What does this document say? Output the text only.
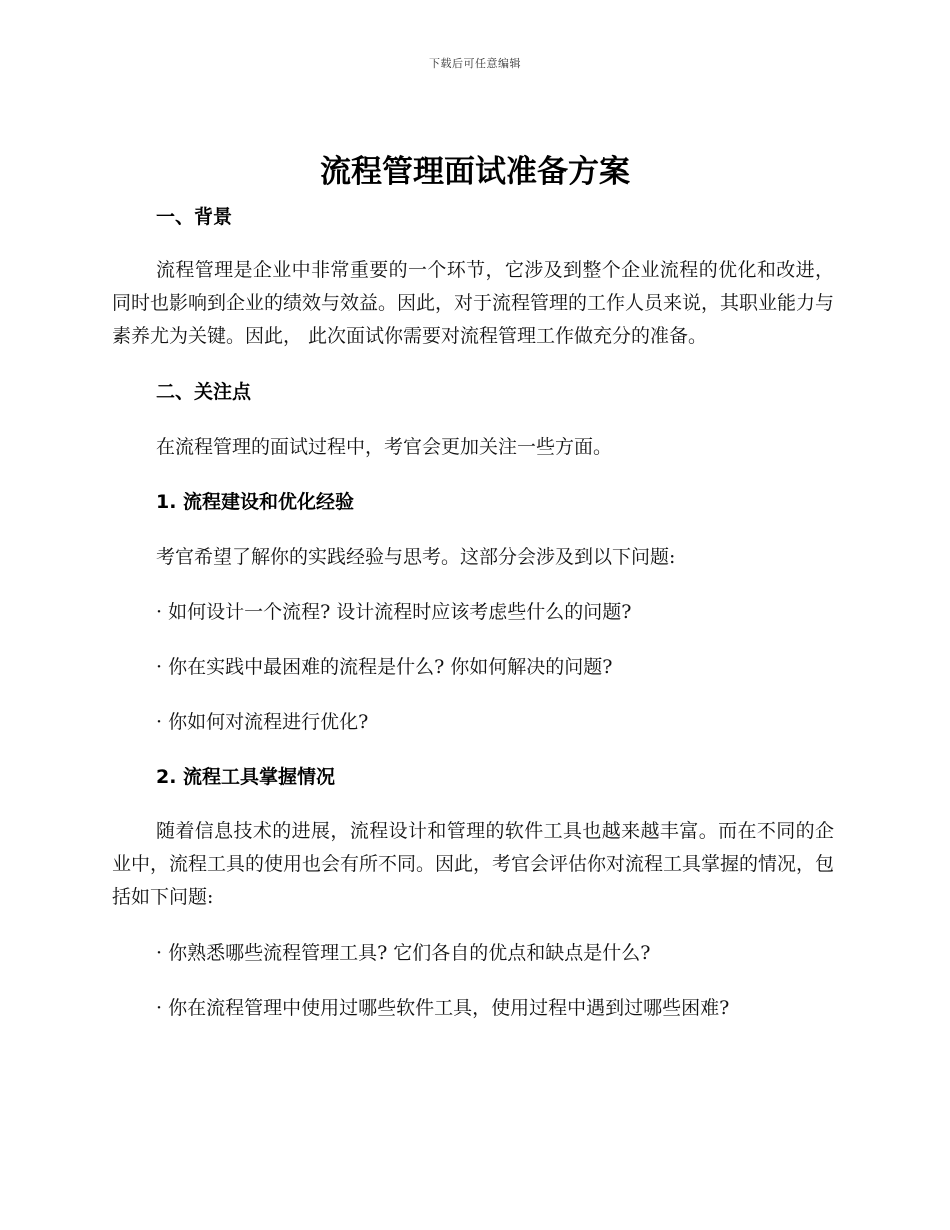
下载后可任意编辑
流程管理面试准备方案
一、背景

流程管理是企业中非常重要的一个环节，它涉及到整个企业流程的优化和改进，同时也影响到企业的绩效与效益。因此，对于流程管理的工作人员来说，其职业能力与素养尤为关键。因此， 此次面试你需要对流程管理工作做充分的准备。

二、关注点

在流程管理的面试过程中，考官会更加关注一些方面。

1. 流程建设和优化经验

考官希望了解你的实践经验与思考。这部分会涉及到以下问题:

· 如何设计一个流程? 设计流程时应该考虑些什么的问题?

· 你在实践中最困难的流程是什么? 你如何解决的问题?

· 你如何对流程进行优化?

2. 流程工具掌握情况

随着信息技术的进展，流程设计和管理的软件工具也越来越丰富。而在不同的企业中，流程工具的使用也会有所不同。因此，考官会评估你对流程工具掌握的情况，包括如下问题:

· 你熟悉哪些流程管理工具? 它们各自的优点和缺点是什么?

· 你在流程管理中使用过哪些软件工具，使用过程中遇到过哪些困难?
